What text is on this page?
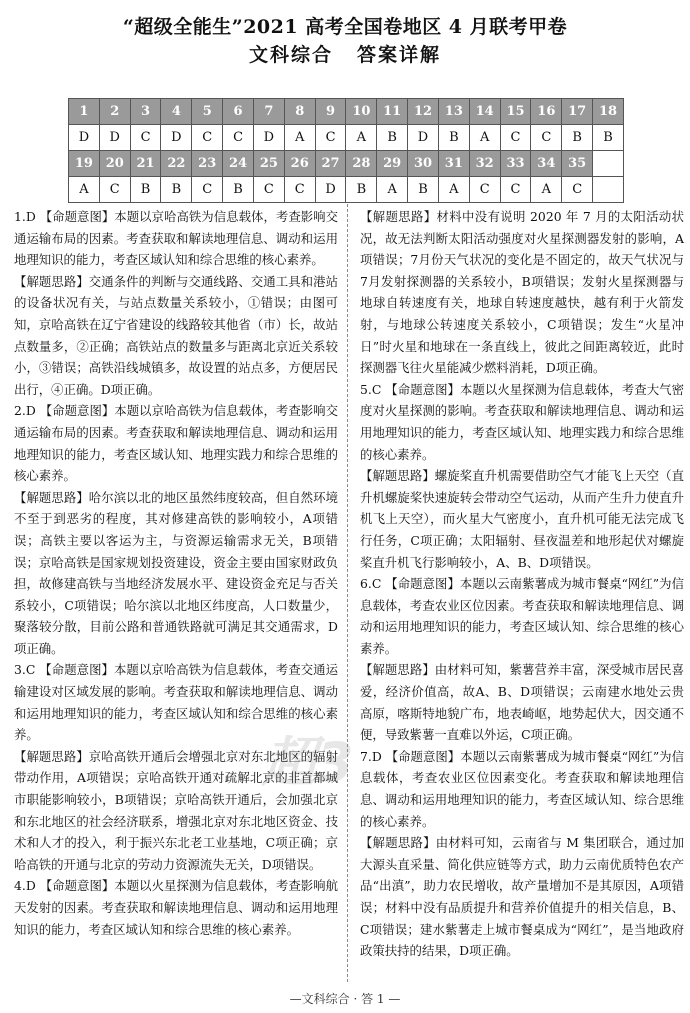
“超级全能生”2021 高考全国卷地区 4 月联考甲卷
文科综合 答案详解
1	2	3	4	5	6	7	8	9	10	11	12	13	14	15	16	17	18
D	D	C	D	C	C	D	A	C	A	B	D	B	A	C	C	B	B
19	20	21	22	23	24	25	26	27	28	29	30	31	32	33	34	35	
A	C	B	B	C	B	C	C	D	B	A	B	A	C	C	A	C	
1.D 【命题意图】本题以京哈高铁为信息载体，考查影响交通运输布局的因素。考查获取和解读地理信息、调动和运用地理知识的能力，考查区域认知和综合思维的核心素养。
【解题思路】交通条件的判断与交通线路、交通工具和港站的设备状况有关，与站点数量关系较小，①错误；由图可知，京哈高铁在辽宁省建设的线路较其他省（市）长，故站点数量多，②正确；高铁站点的数量多与距离北京近关系较小，③错误；高铁沿线城镇多，故设置的站点多，方便居民出行，④正确。D项正确。
2.D 【命题意图】本题以京哈高铁为信息载体，考查影响交通运输布局的因素。考查获取和解读地理信息、调动和运用地理知识的能力，考查区域认知、地理实践力和综合思维的核心素养。
【解题思路】哈尔滨以北的地区虽然纬度较高，但自然环境不至于到恶劣的程度，其对修建高铁的影响较小，A项错误；高铁主要以客运为主，与资源运输需求无关，B项错误；京哈高铁是国家规划投资建设，资金主要由国家财政负担，故修建高铁与当地经济发展水平、建设资金充足与否关系较小，C项错误；哈尔滨以北地区纬度高，人口数量少，聚落较分散，目前公路和普通铁路就可满足其交通需求，D项正确。
3.C 【命题意图】本题以京哈高铁为信息载体，考查交通运输建设对区域发展的影响。考查获取和解读地理信息、调动和运用地理知识的能力，考查区域认知和综合思维的核心素养。
【解题思路】京哈高铁开通后会增强北京对东北地区的辐射带动作用，A项错误；京哈高铁开通对疏解北京的非首都城市职能影响较小，B项错误；京哈高铁开通后，会加强北京和东北地区的社会经济联系，增强北京对东北地区资金、技术和人才的投入，利于振兴东北老工业基地，C项正确；京哈高铁的开通与北京的劳动力资源流失无关，D项错误。
4.D 【命题意图】本题以火星探测为信息载体，考查影响航天发射的因素。考查获取和解读地理信息、调动和运用地理知识的能力，考查区域认知和综合思维的核心素养。
【解题思路】材料中没有说明 2020 年 7 月的太阳活动状况，故无法判断太阳活动强度对火星探测器发射的影响，A项错误；7月份天气状况的变化是不固定的，故天气状况与7月发射探测器的关系较小，B项错误；发射火星探测器与地球自转速度有关，地球自转速度越快，越有利于火箭发射，与地球公转速度关系较小，C项错误；发生“火星冲日”时火星和地球在一条直线上，彼此之间距离较近，此时探测器飞往火星能减少燃料消耗，D项正确。
5.C 【命题意图】本题以火星探测为信息载体，考查大气密度对火星探测的影响。考查获取和解读地理信息、调动和运用地理知识的能力，考查区域认知、地理实践力和综合思维的核心素养。
【解题思路】螺旋桨直升机需要借助空气才能飞上天空（直升机螺旋桨快速旋转会带动空气运动，从而产生升力使直升机飞上天空），而火星大气密度小，直升机可能无法完成飞行任务，C项正确；太阳辐射、昼夜温差和地形起伏对螺旋桨直升机飞行影响较小，A、B、D项错误。
6.C 【命题意图】本题以云南紫薯成为城市餐桌“网红”为信息载体，考查农业区位因素。考查获取和解读地理信息、调动和运用地理知识的能力，考查区域认知、综合思维的核心素养。
【解题思路】由材料可知，紫薯营养丰富，深受城市居民喜爱，经济价值高，故A、B、D项错误；云南建水地处云贵高原，喀斯特地貌广布，地表崎岖，地势起伏大，因交通不便，导致紫薯一直难以外运，C项正确。
7.D 【命题意图】本题以云南紫薯成为城市餐桌“网红”为信息载体，考查农业区位因素变化。考查获取和解读地理信息、调动和运用地理知识的能力，考查区域认知、综合思维的核心素养。
【解题思路】由材料可知，云南省与 M 集团联合，通过加大源头直采量、简化供应链等方式，助力云南优质特色农产品“出滇”，助力农民增收，故产量增加不是其原因，A项错误；材料中没有品质提升和营养价值提升的相关信息，B、C项错误；建水紫薯走上城市餐桌成为“网红”，是当地政府政策扶持的结果，D项正确。
超3
—文科综合 · 答 1 —
